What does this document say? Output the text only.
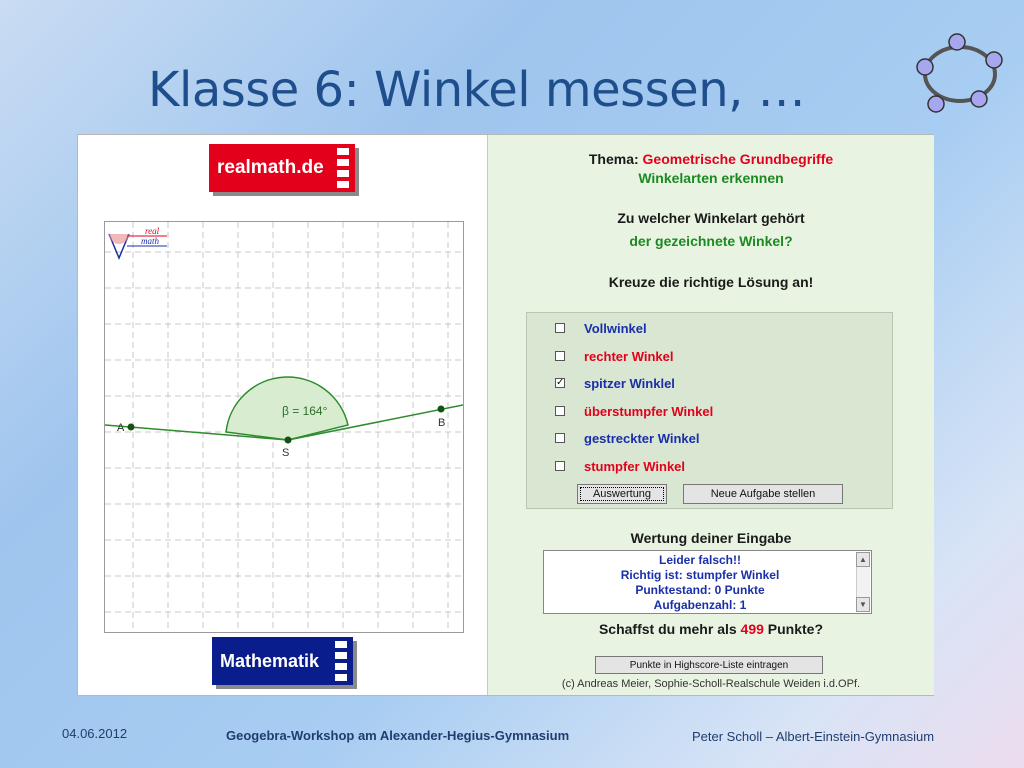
Klasse 6: Winkel messen, …
realmath.de
real
math
A	B
S
β = 164°
Mathematik
Thema: Geometrische Grundbegriffe
Winkelarten erkennen
Zu welcher Winkelart gehört
der gezeichnete Winkel?
Kreuze die richtige Lösung an!
Vollwinkel
rechter Winkel
✓ spitzer Winklel
überstumpfer Winkel
gestreckter Winkel
stumpfer Winkel
Auswertung	Neue Aufgabe stellen
Wertung deiner Eingabe
Leider falsch!!
Richtig ist: stumpfer Winkel
Punktestand: 0 Punkte
Aufgabenzahl: 1
▲
▼
Schaffst du mehr als 499 Punkte?
Punkte in Highscore-Liste eintragen
(c) Andreas Meier, Sophie-Scholl-Realschule Weiden i.d.OPf.
04.06.2012	Geogebra-Workshop am Alexander-Hegius-Gymnasium	Peter Scholl – Albert-Einstein-Gymnasium
